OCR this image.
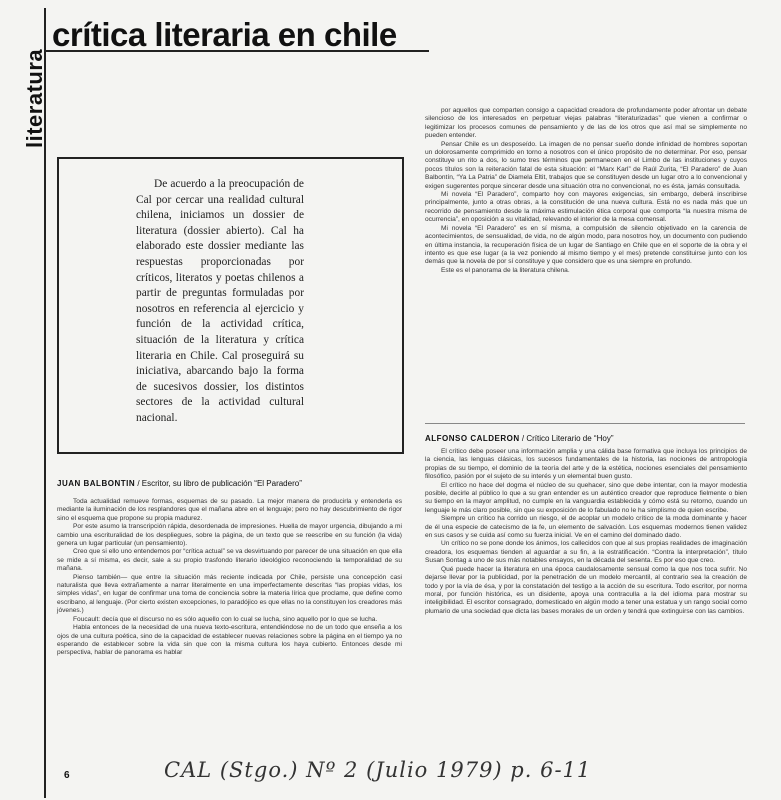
literatura
crítica literaria en chile
De acuerdo a la preocupación de Cal por cercar una realidad cultural chilena, iniciamos un dossier de literatura (dossier abierto). Cal ha elaborado este dossier mediante las respuestas proporcionadas por críticos, literatos y poetas chilenos a partir de preguntas formuladas por nosotros en referencia al ejercicio y función de la actividad crítica, situación de la literatura y crítica literaria en Chile. Cal proseguirá su iniciativa, abarcando bajo la forma de sucesivos dossier, los distintos sectores de la actividad cultural nacional.
JUAN BALBONTIN / Escritor, su libro de publicación “El Paradero”

Toda actualidad remueve formas, esquemas de su pasado. La mejor manera de producirla y entenderla es mediante la iluminación de los resplandores que el mañana abre en el lenguaje; pero no hay descubrimiento de rigor sino el esquema que propone su propia madurez.

Por este asumo la transcripción rápida, desordenada de impresiones. Huella de mayor urgencia, dibujando a mi cambio una escrituralidad de los despliegues, sobre la página, de un texto que se reescribe en su función (la vida) genera un lugar particular (un pensamiento).

Creo que si ello uno entendemos por “crítica actual” se va desvirtuando por parecer de una situación en que ella se mide a sí misma, es decir, sale a su propio trasfondo literario ideológico reconociendo la temporalidad de su mañana.

Pienso también— que entre la situación más reciente indicada por Chile, persiste una concepción casi naturalista que lleva extrañamente a narrar literalmente en una imperfectamente descritas “las propias vidas, los simples vidas”, en lugar de confirmar una toma de conciencia sobre la materia lírica que proclame, que define como escribano, al lenguaje. (Por cierto existen excepciones, lo paradójico es que ellas no la constituyen los creadores más jóvenes.)

Foucault: decía que el discurso no es sólo aquello con lo cual se lucha, sino aquello por lo que se lucha.

Habla entonces de la necesidad de una nueva texto-escritura, entendiéndose no de un todo que enseña a los ojos de una cultura poética, sino de la capacidad de establecer nuevas relaciones sobre la página en el tiempo ya no esperando de establecer sobre la vida sin que con la misma cultura los haya cubierto. Entonces desde mi perspectiva, hablar de panorama es hablar

por aquellos que comparten consigo a capacidad creadora de profundamente poder afrontar un debate silencioso de los interesados en perpetuar viejas palabras “literaturizadas” que vienen a confirmar o legitimizar los procesos comunes de pensamiento y de las de los otros que así mal se simplemente no pueden entender.

Pensar Chile es un desposeído. La imagen de no pensar sueño donde infinidad de hombres soportan un dolorosamente comprimido en torno a nosotros con el único propósito de no determinar. Por eso, pensar constituye un rito a dos, lo sumo tres términos que permanecen en el Limbo de las instituciones y cuyos pocos títulos son la reiteración fatal de esta situación: el “Marx Karl” de Raúl Zurita, “El Paradero” de Juan Balbontín, “Ya La Patria” de Diamela Eltit, trabajos que se constituyen desde un lugar otro a lo convencional y exigen sugerentes porque sincerar desde una situación otra no convencional, no es ésta, jamás consultada.

Mi novela “El Paradero”, comparto hoy con mayores exigencias, sin embargo, deberá inscribirse principalmente, junto a otras obras, a la constitución de una nueva cultura. Está no es nada más que un recorrido de pensamiento desde la máxima estimulación ética corporal que comporta “la nuestra misma de ocurrencia”, en oposición a su vitalidad, relevando el interior de la mesa comensal.

Mi novela “El Paradero” es en sí misma, a compulsión de silencio objetivado en la carencia de acontecimientos, de sensualidad, de vida, no de algún modo, para nosotros hoy, un documento con pudiendo en última instancia, la recuperación física de un lugar de Santiago en Chile que en el soporte de la obra y el intento es que ese lugar (a la vez poniendo al mismo tiempo y el mes) pretende constituirse junto con los demás que la novela de por sí constituye y que considero que es una siempre en profundo.

Este es el panorama de la literatura chilena.

ALFONSO CALDERON / Crítico Literario de “Hoy”

El crítico debe poseer una información amplia y una cálida base formativa que incluya los principios de la ciencia, las lenguas clásicas, los sucesos fundamentales de la historia, las nociones de antropología propias de su tiempo, el dominio de la teoría del arte y de la estética, nociones esenciales del pensamiento filosófico, pasión por el sujeto de su interés y un elemental buen gusto.

El crítico no hace del dogma el núcleo de su quehacer, sino que debe intentar, con la mayor modestia posible, decirle al público lo que a su gran entender es un auténtico creador que reproduce fielmente o bien su tiempo en la mayor amplitud, no cumple en la vanguardia establecida y cómo está su retorno, cuando un lenguaje le más claro posible, sin que su exposición de lo fabulado no le ha simplismo de quien escribe.

Siempre un crítico ha corrido un riesgo, el de acoplar un modelo crítico de la moda dominante y hacer de él una especie de catecismo de la fe, un elemento de salvación. Los esquemas modernos tienen validez en sus casos y se cuida así como su fuerza inicial. Ve en el camino del dominado dado.

Un crítico no se pone donde los ánimos, los callecidos con que al sus propias realidades de imaginación creadora, los esquemas tienden al aguardar a su fin, a la estratificación. “Contra la interpretación”, título Susan Sontag a uno de sus más notables ensayos, en la década del sesenta. Es por eso que creo.

Qué puede hacer la literatura en una época caudalosamente sensual como la que nos toca sufrir. No dejarse llevar por la publicidad, por la penetración de un modelo mercantil, al contrario sea la creación de todo y por la vía de ésa, y por la constatación del testigo a la acción de su escritura. Todo escritor, por norma moral, por función histórica, es un disidente, apoya una contraculla a la del idioma para mostrar su inteligibilidad. El escritor consagrado, domesticado en algún modo a tener una estatua y un rango social como plumario de una sociedad que dicta las bases morales de un orden y tendrá que extinguirse con las cambios.

6	CAL (Stgo.) Nº 2 (Julio 1979) p. 6-11
